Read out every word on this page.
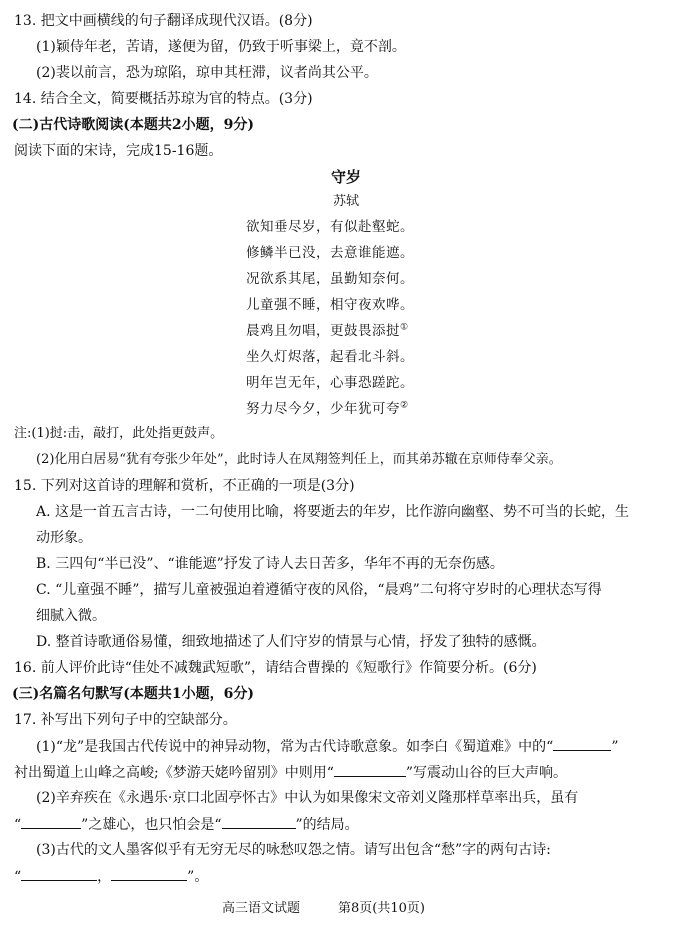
13. 把文中画横线的句子翻译成现代汉语。(8分)
(1)颖侍年老，苦请，遂便为留，仍致于听事梁上，竟不剖。
(2)裴以前言，恐为琼陷，琼申其枉滞，议者尚其公平。
14. 结合全文，简要概括苏琼为官的特点。(3分)
(二)古代诗歌阅读(本题共2小题，9分)
阅读下面的宋诗，完成15-16题。
守岁
苏轼
欲知垂尽岁，有似赴壑蛇。
修鳞半已没，去意谁能遮。
况欲系其尾，虽勤知奈何。
儿童强不睡，相守夜欢哗。
晨鸡且勿唱，更鼓畏添挝①
坐久灯烬落，起看北斗斜。
明年岂无年，心事恐蹉跎。
努力尽今夕，少年犹可夸②
注:(1)挝:击，敲打，此处指更鼓声。
(2)化用白居易“犹有夸张少年处”，此时诗人在凤翔签判任上，而其弟苏辙在京师侍奉父亲。
15. 下列对这首诗的理解和赏析，不正确的一项是(3分)
A. 这是一首五言古诗，一二句使用比喻，将要逝去的年岁，比作游向幽壑、势不可当的长蛇，生
动形象。
B. 三四句“半已没”、“谁能遮”抒发了诗人去日苦多，华年不再的无奈伤感。
C. “儿童强不睡”，描写儿童被强迫着遵循守夜的风俗，“晨鸡”二句将守岁时的心理状态写得
细腻入微。
D. 整首诗歌通俗易懂，细致地描述了人们守岁的情景与心情，抒发了独特的感慨。
16. 前人评价此诗“佳处不减魏武短歌”，请结合曹操的《短歌行》作简要分析。(6分)
(三)名篇名句默写(本题共1小题，6分)
17. 补写出下列句子中的空缺部分。
(1)“龙”是我国古代传说中的神异动物，常为古代诗歌意象。如李白《蜀道难》中的“	”
衬出蜀道上山峰之高峻;《梦游天姥吟留别》中则用“	”写震动山谷的巨大声响。
(2)辛弃疾在《永遇乐·京口北固亭怀古》中认为如果像宋文帝刘义隆那样草率出兵，虽有
“	”之雄心，也只怕会是“	”的结局。
(3)古代的文人墨客似乎有无穷无尽的咏愁叹怨之情。请写出包含“愁”字的两句古诗:
“	，	”。
高三语文试题	第8页(共10页)
